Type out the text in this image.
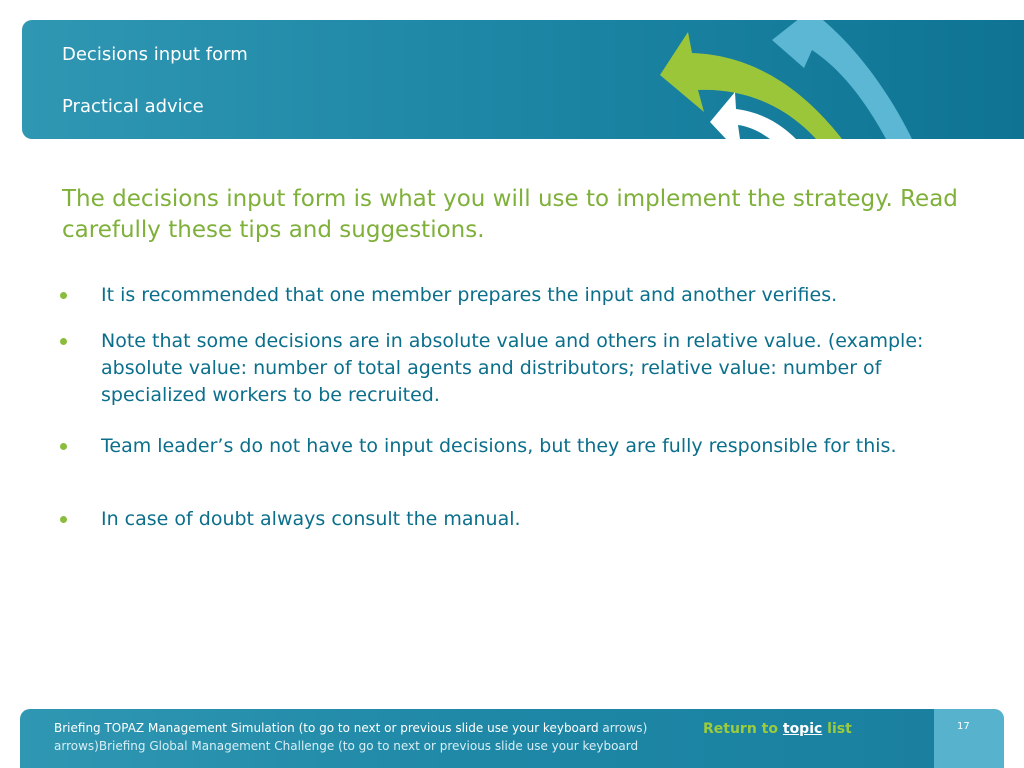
Decisions input form
Practical advice

The decisions input form is what you will use to implement the strategy. Read carefully these tips and suggestions.

It is recommended that one member prepares the input and another verifies.

Note that some decisions are in absolute value and others in relative value. (example: absolute value: number of total agents and distributors; relative value: number of specialized workers to be recruited.

Team leader’s do not have to input decisions, but they are fully responsible for this.

In case of doubt always consult the manual.

Briefing TOPAZ Management Simulation (to go to next or previous slide use your keyboard arrows)
arrows)Briefing Global Management Challenge (to go to next or previous slide use your keyboard

Return to topic list	17
